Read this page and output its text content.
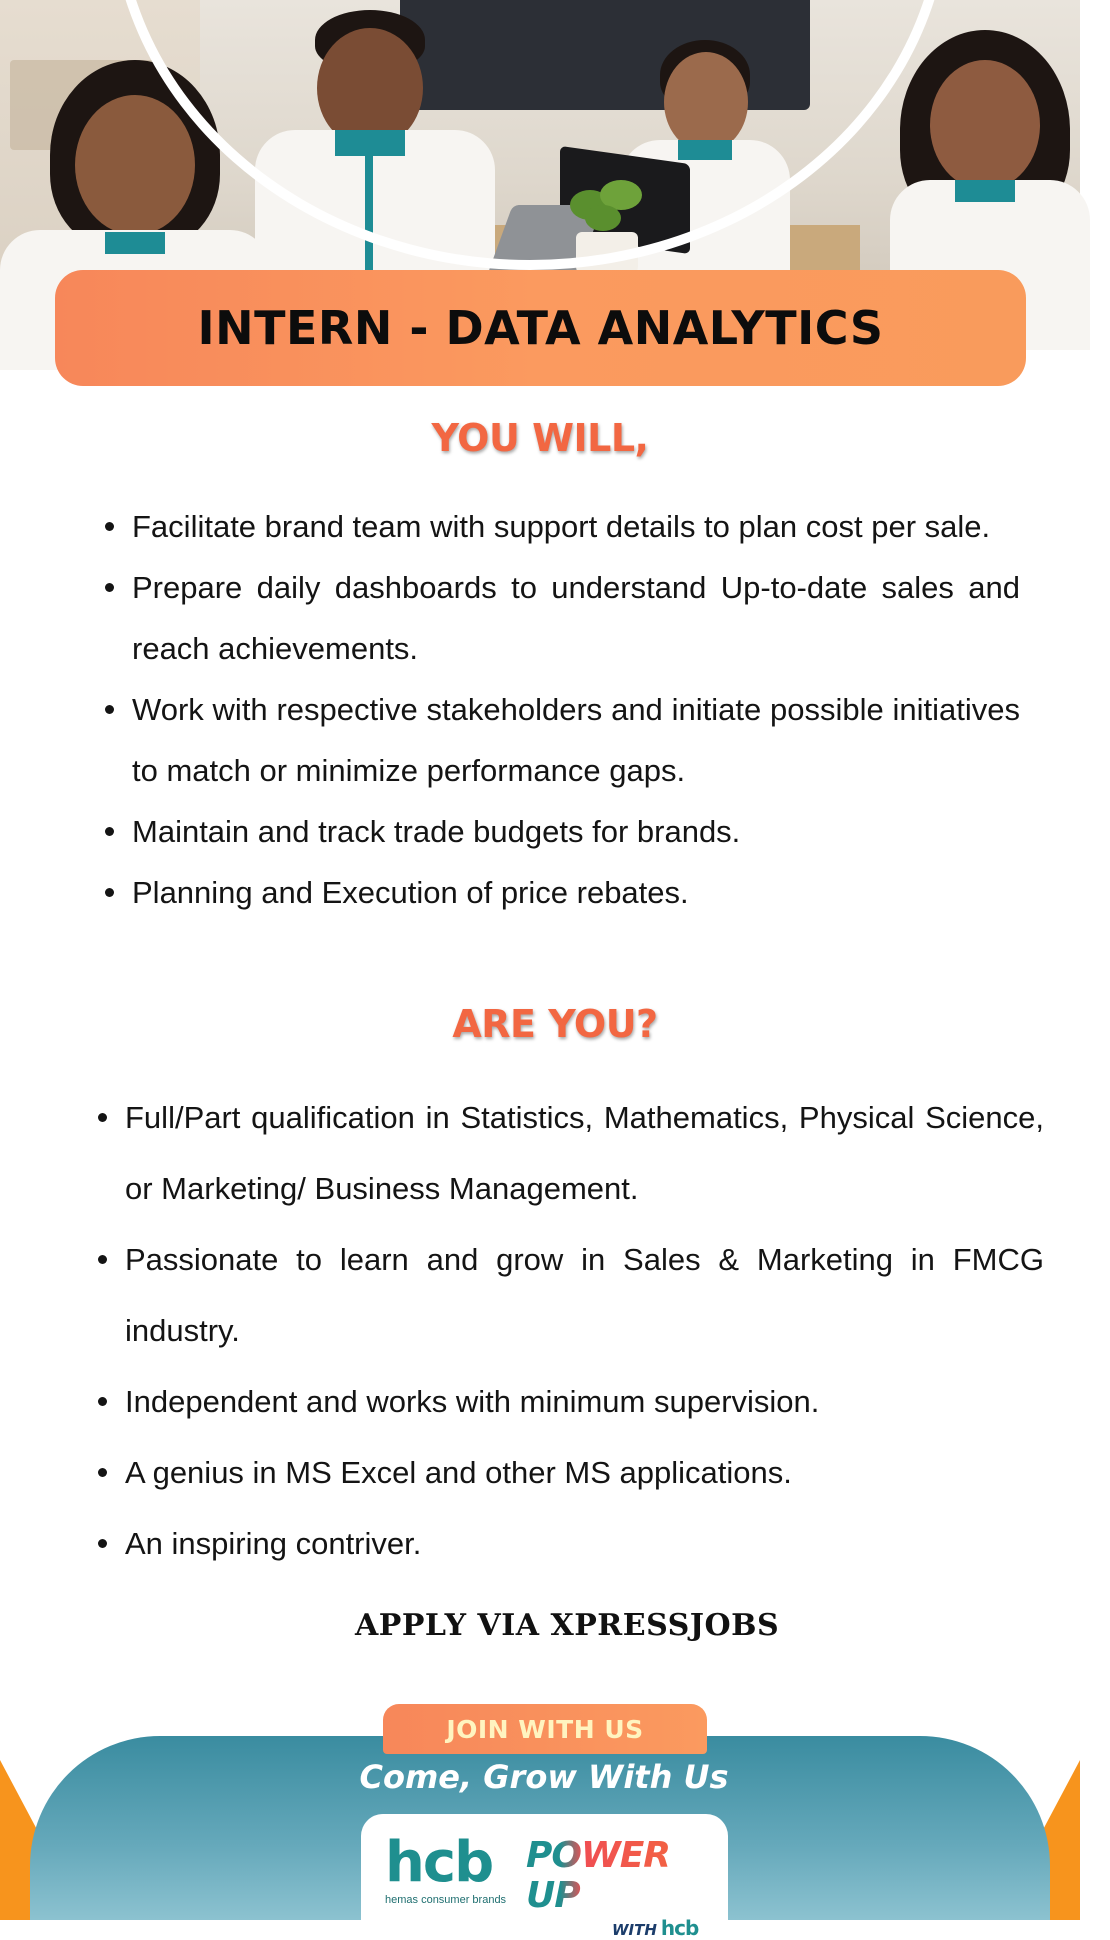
INTERN - DATA ANALYTICS
YOU WILL,
Facilitate brand team with support details to plan cost per sale.
Prepare daily dashboards to understand Up-to-date sales and reach achievements.
Work with respective stakeholders and initiate possible initiatives to match or minimize performance gaps.
Maintain and track trade budgets for brands.
Planning and Execution of price rebates.
ARE YOU?
Full/Part qualification in Statistics, Mathematics, Physical Science, or Marketing/ Business Management.
Passionate to learn and grow in Sales & Marketing in FMCG industry.
Independent and works with minimum supervision.
A genius in MS Excel and other MS applications.
An inspiring contriver.
APPLY VIA XPRESSJOBS
JOIN WITH US
Come, Grow With Us
hcb
hemas consumer brands
POWER UP
WITH hcb
